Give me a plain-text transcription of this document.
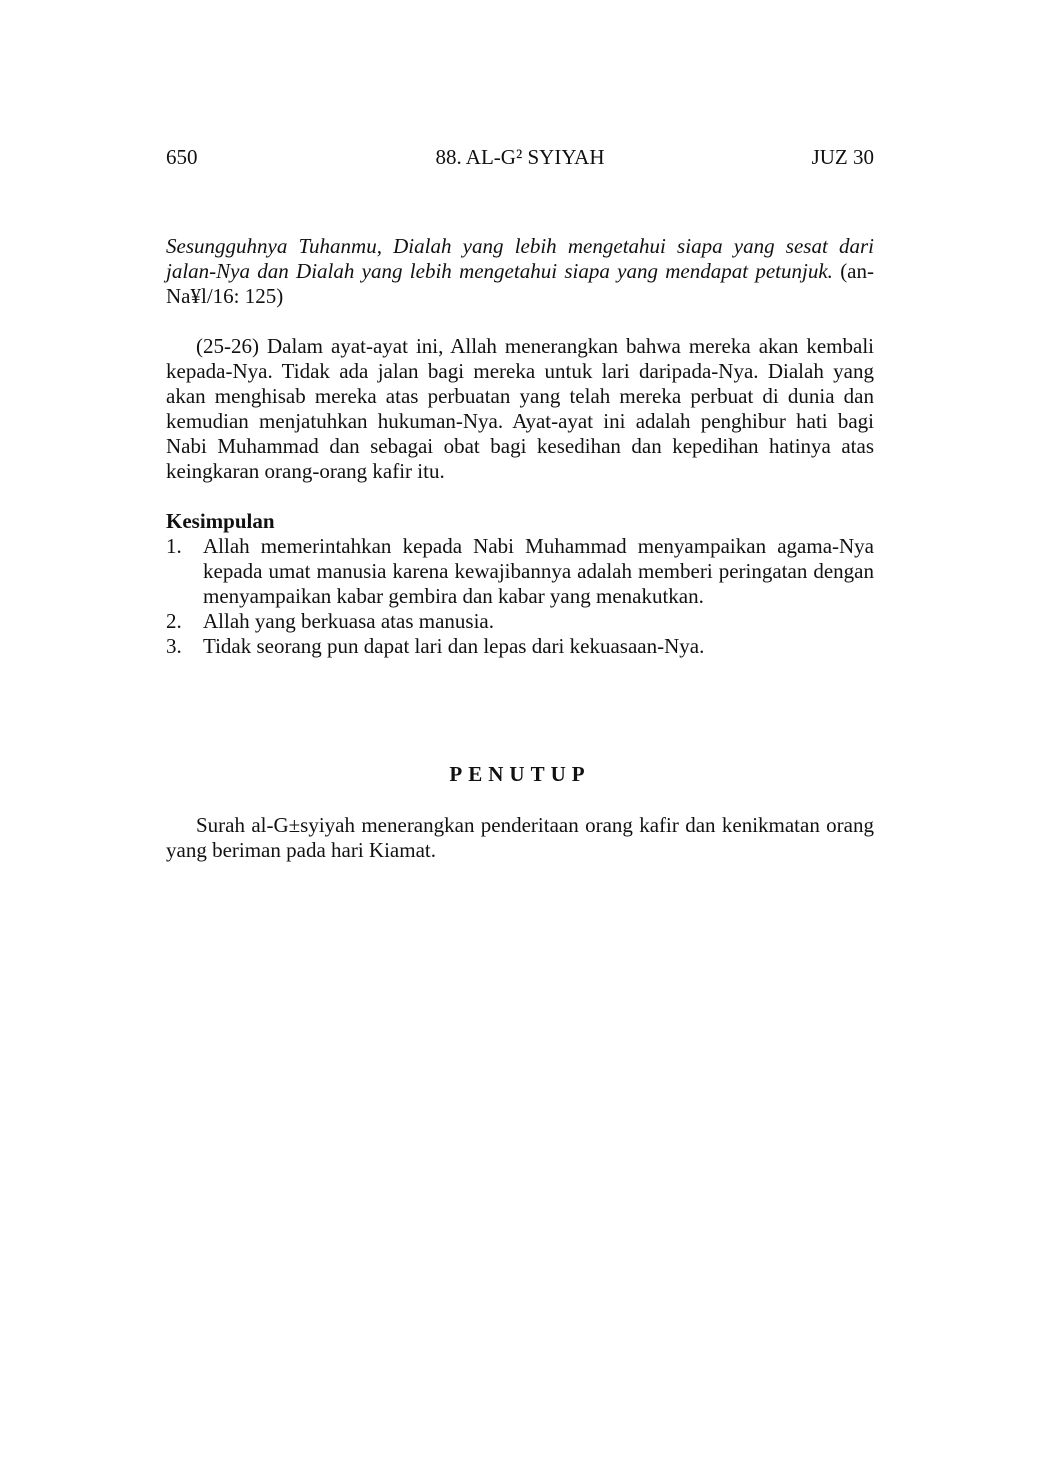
650	88. AL-G² SYIYAH	JUZ 30

Sesungguhnya Tuhanmu, Dialah yang lebih mengetahui siapa yang sesat dari jalan-Nya dan Dialah yang lebih mengetahui siapa yang mendapat petunjuk. (an-Na¥l/16: 125)

(25-26) Dalam ayat-ayat ini, Allah menerangkan bahwa mereka akan kembali kepada-Nya. Tidak ada jalan bagi mereka untuk lari daripada-Nya. Dialah yang akan menghisab mereka atas perbuatan yang telah mereka perbuat di dunia dan kemudian menjatuhkan hukuman-Nya. Ayat-ayat ini adalah penghibur hati bagi Nabi Muhammad dan sebagai obat bagi kesedihan dan kepedihan hatinya atas keingkaran orang-orang kafir itu.

Kesimpulan

1. Allah memerintahkan kepada Nabi Muhammad menyampaikan agama-Nya kepada umat manusia karena kewajibannya adalah memberi peringatan dengan menyampaikan kabar gembira dan kabar yang menakutkan.
2. Allah yang berkuasa atas manusia.
3. Tidak seorang pun dapat lari dan lepas dari kekuasaan-Nya.
PENUTUP

Surah al-G±syiyah menerangkan penderitaan orang kafir dan kenikmatan orang yang beriman pada hari Kiamat.
